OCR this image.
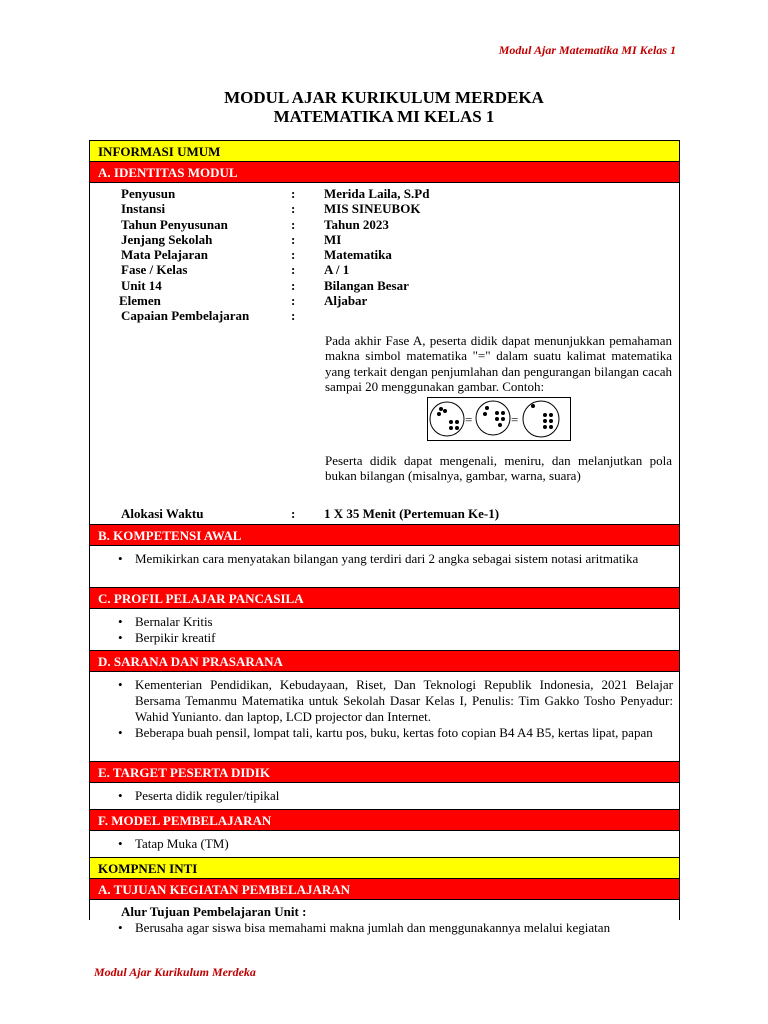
Modul Ajar Matematika MI Kelas 1
MODUL AJAR KURIKULUM MERDEKA
MATEMATIKA MI KELAS 1
INFORMASI UMUM
A. IDENTITAS MODUL
Penyusun	:	Merida Laila, S.Pd
Instansi	:	MIS SINEUBOK
Tahun Penyusunan	:	Tahun 2023
Jenjang Sekolah	:	MI
Mata Pelajaran	:	Matematika
Fase / Kelas	:	A / 1
Unit 14	:	Bilangan Besar
Elemen	:	Aljabar
Capaian Pembelajaran	:
Pada akhir Fase A, peserta didik dapat menunjukkan pemahaman makna simbol matematika "=" dalam suatu kalimat matematika yang terkait dengan penjumlahan dan pengurangan bilangan cacah sampai 20 menggunakan gambar. Contoh:
=	=
Peserta didik dapat mengenali, meniru, dan melanjutkan pola bukan bilangan (misalnya, gambar, warna, suara)
Alokasi Waktu	:	1 X 35 Menit (Pertemuan Ke-1)
B. KOMPETENSI AWAL
• Memikirkan cara menyatakan bilangan yang terdiri dari 2 angka sebagai sistem notasi aritmatika
C. PROFIL PELAJAR PANCASILA
• Bernalar Kritis
• Berpikir kreatif
D. SARANA DAN PRASARANA
• Kementerian Pendidikan, Kebudayaan, Riset, Dan Teknologi Republik Indonesia, 2021 Belajar Bersama Temanmu Matematika untuk Sekolah Dasar Kelas I, Penulis: Tim Gakko Tosho Penyadur: Wahid Yunianto. dan laptop, LCD projector dan Internet.
• Beberapa buah pensil, lompat tali, kartu pos, buku, kertas foto copian B4 A4 B5, kertas lipat, papan
E. TARGET PESERTA DIDIK
• Peserta didik reguler/tipikal
F. MODEL PEMBELAJARAN
• Tatap Muka (TM)
KOMPNEN INTI
A. TUJUAN KEGIATAN PEMBELAJARAN
Alur Tujuan Pembelajaran Unit :
• Berusaha agar siswa bisa memahami makna jumlah dan menggunakannya melalui kegiatan
Modul Ajar Kurikulum Merdeka
